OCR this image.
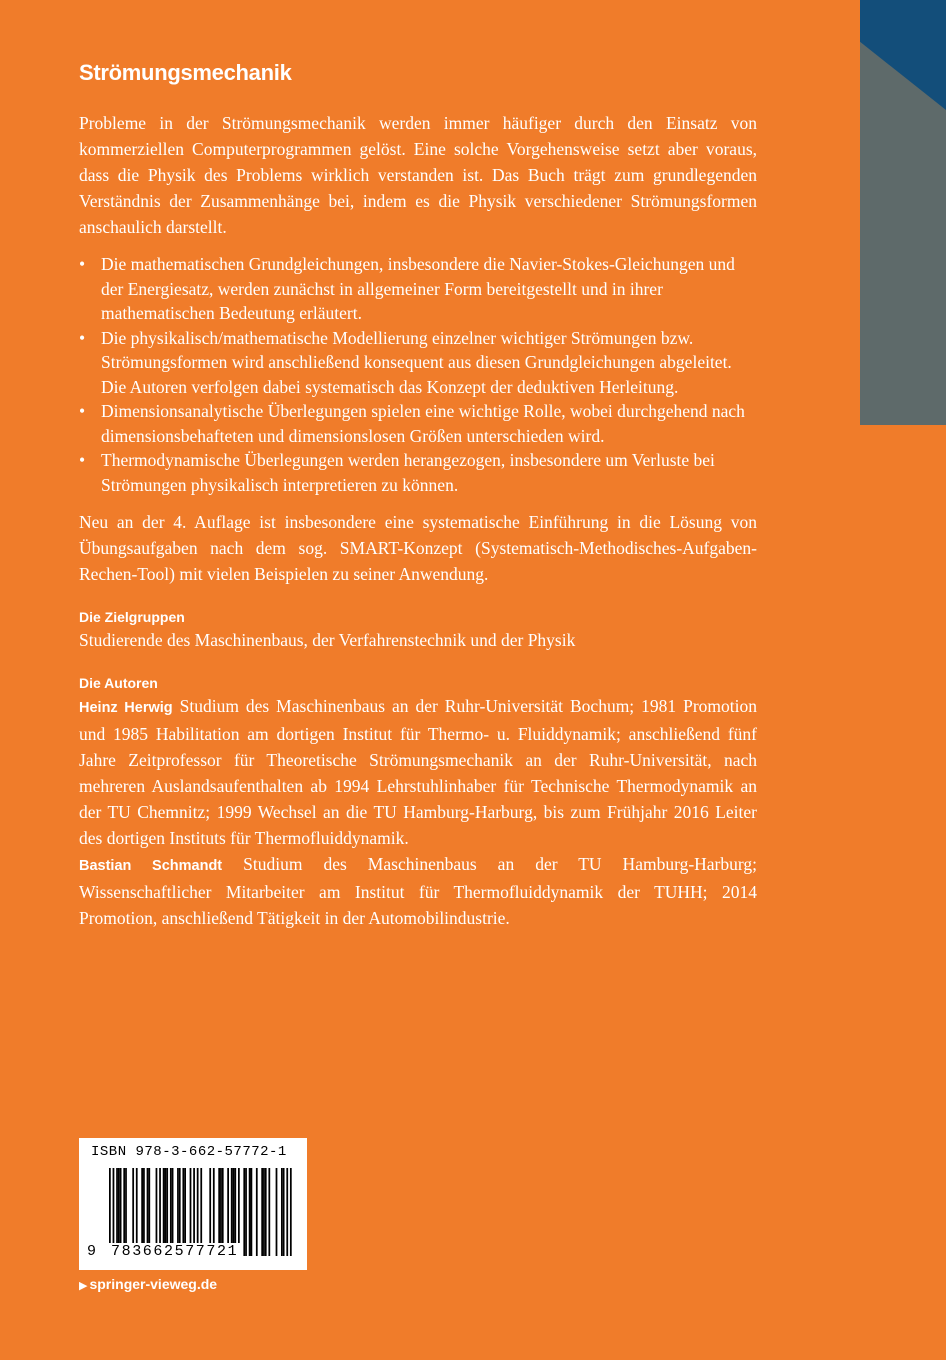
Strömungsmechanik

Probleme in der Strömungsmechanik werden immer häufiger durch den Einsatz von kommerziellen Computerprogrammen gelöst. Eine solche Vorgehensweise setzt aber voraus, dass die Physik des Problems wirklich verstanden ist. Das Buch trägt zum grundlegenden Verständnis der Zusammenhänge bei, indem es die Physik verschiedener Strömungsformen anschaulich darstellt.

• Die mathematischen Grundgleichungen, insbesondere die Navier-Stokes-Gleichungen und der Energiesatz, werden zunächst in allgemeiner Form bereitgestellt und in ihrer mathematischen Bedeutung erläutert.
• Die physikalisch/mathematische Modellierung einzelner wichtiger Strömungen bzw. Strömungsformen wird anschließend konsequent aus diesen Grundgleichungen abgeleitet. Die Autoren verfolgen dabei systematisch das Konzept der deduktiven Herleitung.
• Dimensionsanalytische Überlegungen spielen eine wichtige Rolle, wobei durchgehend nach dimensionsbehafteten und dimensionslosen Größen unterschieden wird.
• Thermodynamische Überlegungen werden herangezogen, insbesondere um Verluste bei Strömungen physikalisch interpretieren zu können.

Neu an der 4. Auflage ist insbesondere eine systematische Einführung in die Lösung von Übungsaufgaben nach dem sog. SMART-Konzept (Systematisch-Methodisches-Aufgaben-Rechen-Tool) mit vielen Beispielen zu seiner Anwendung.

Die Zielgruppen

Studierende des Maschinenbaus, der Verfahrenstechnik und der Physik

Die Autoren

Heinz Herwig Studium des Maschinenbaus an der Ruhr-Universität Bochum; 1981 Promotion und 1985 Habilitation am dortigen Institut für Thermo- u. Fluiddynamik; anschließend fünf Jahre Zeitprofessor für Theoretische Strömungsmechanik an der Ruhr-Universität, nach mehreren Auslandsaufenthalten ab 1994 Lehrstuhlinhaber für Technische Thermodynamik an der TU Chemnitz; 1999 Wechsel an die TU Hamburg-Harburg, bis zum Frühjahr 2016 Leiter des dortigen Instituts für Thermofluiddynamik.

Bastian Schmandt Studium des Maschinenbaus an der TU Hamburg-Harburg; Wissenschaftlicher Mitarbeiter am Institut für Thermofluiddynamik der TUHH; 2014 Promotion, anschließend Tätigkeit in der Automobilindustrie.

ISBN 978-3-662-57772-1
9 783662577721
▶ springer-vieweg.de
